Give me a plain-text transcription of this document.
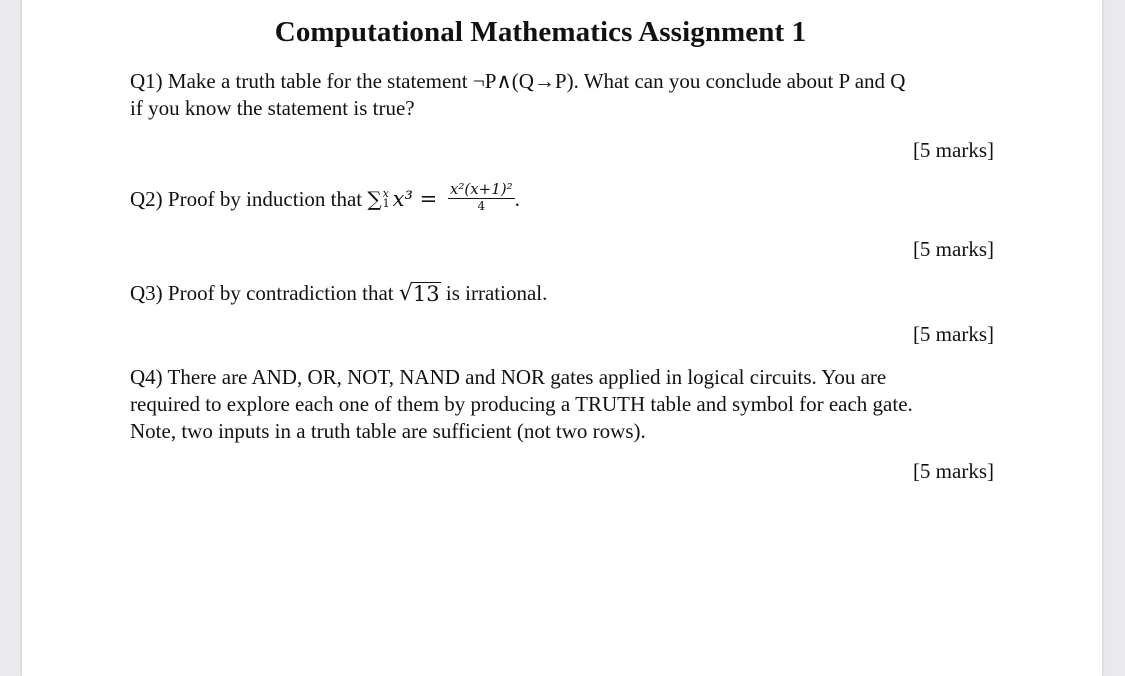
Computational Mathematics Assignment 1
Q1) Make a truth table for the statement ¬P∧(Q→P). What can you conclude about P and Q
if you know the statement is true?
[5 marks]
Q2) Proof by induction that ∑ x
1 $x^3 = \frac{\text{x²(x+1)²}}{4}$ .
[5 marks]
Q3) Proof by contradiction that √ 13 is irrational.
[5 marks]
Q4) There are AND, OR, NOT, NAND and NOR gates applied in logical circuits. You are
required to explore each one of them by producing a TRUTH table and symbol for each gate.
Note, two inputs in a truth table are sufficient (not two rows).
[5 marks]
